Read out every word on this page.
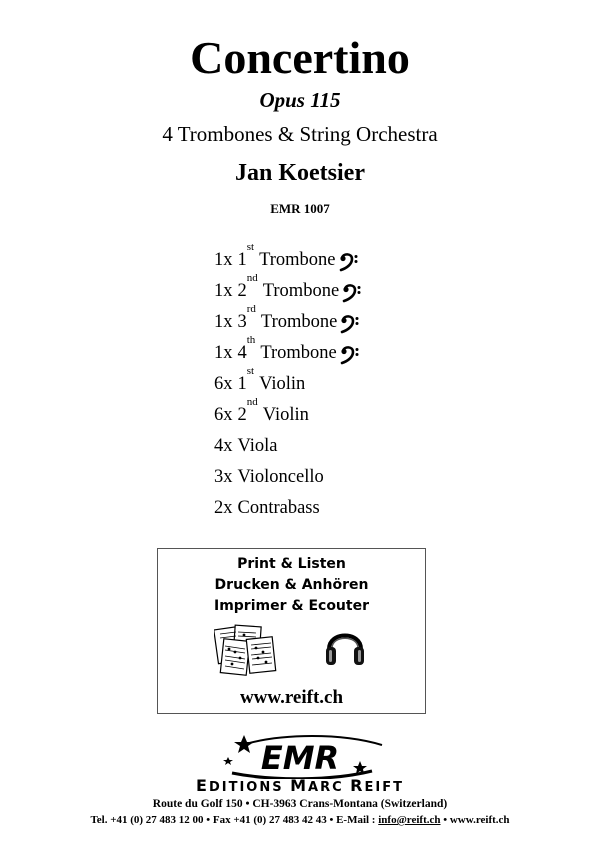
Concertino
Opus 115
4 Trombones & String Orchestra
Jan Koetsier
EMR 1007
1x 1
$^{st}$
Trombone
1x 2
$^{nd}$
Trombone
1x 3
$^{rd}$
Trombone
1x 4
$^{th}$
Trombone
6x 1
$^{st}$
Violin
6x 2
$^{nd}$
Violin
4x Viola
3x Violoncello
2x Contrabass
Print & Listen
Drucken & Anhören
Imprimer & Ecouter
www.reift.ch
EMR
EDITIONS MARC REIFT
Route du Golf 150 • CH-3963 Crans-Montana (Switzerland)
Tel. +41 (0) 27 483 12 00 • Fax +41 (0) 27 483 42 43 • E-Mail : info@reift.ch • www.reift.ch
